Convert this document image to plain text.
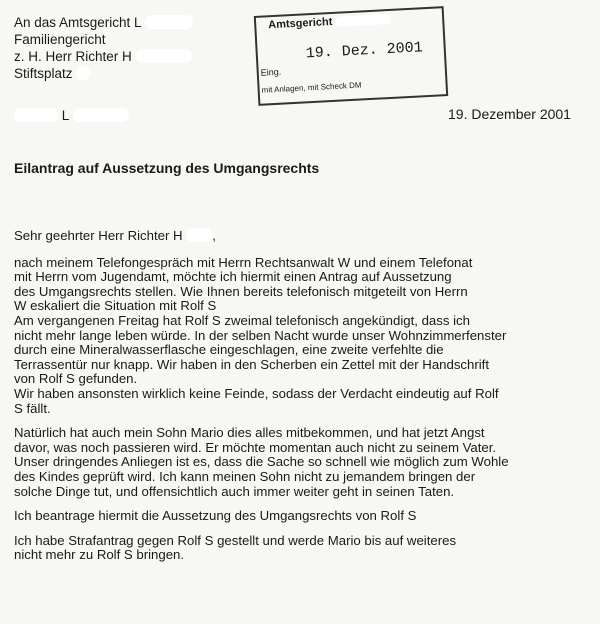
An das Amtsgericht L
Familiengericht
z. H. Herr Richter H
Stiftsplatz
Amtsgericht
19. Dez. 2001
Eing.
mit Anlagen, mit Scheck DM
L	19. Dezember 2001
Eilantrag auf Aussetzung des Umgangsrechts

Sehr geehrter Herr Richter H ,

nach meinem Telefongespräch mit Herrn Rechtsanwalt W und einem Telefonat
mit Herrn vom Jugendamt, möchte ich hiermit einen Antrag auf Aussetzung
des Umgangsrechts stellen. Wie Ihnen bereits telefonisch mitgeteilt von Herrn
W eskaliert die Situation mit Rolf S
Am vergangenen Freitag hat Rolf S zweimal telefonisch angekündigt, dass ich
nicht mehr lange leben würde. In der selben Nacht wurde unser Wohnzimmerfenster
durch eine Mineralwasserflasche eingeschlagen, eine zweite verfehlte die
Terrassentür nur knapp. Wir haben in den Scherben ein Zettel mit der Handschrift
von Rolf S gefunden.
Wir haben ansonsten wirklich keine Feinde, sodass der Verdacht eindeutig auf Rolf
S fällt.

Natürlich hat auch mein Sohn Mario dies alles mitbekommen, und hat jetzt Angst
davor, was noch passieren wird. Er möchte momentan auch nicht zu seinem Vater.
Unser dringendes Anliegen ist es, dass die Sache so schnell wie möglich zum Wohle
des Kindes geprüft wird. Ich kann meinen Sohn nicht zu jemandem bringen der
solche Dinge tut, und offensichtlich auch immer weiter geht in seinen Taten.

Ich beantrage hiermit die Aussetzung des Umgangsrechts von Rolf S

Ich habe Strafantrag gegen Rolf S gestellt und werde Mario bis auf weiteres
nicht mehr zu Rolf S bringen.
